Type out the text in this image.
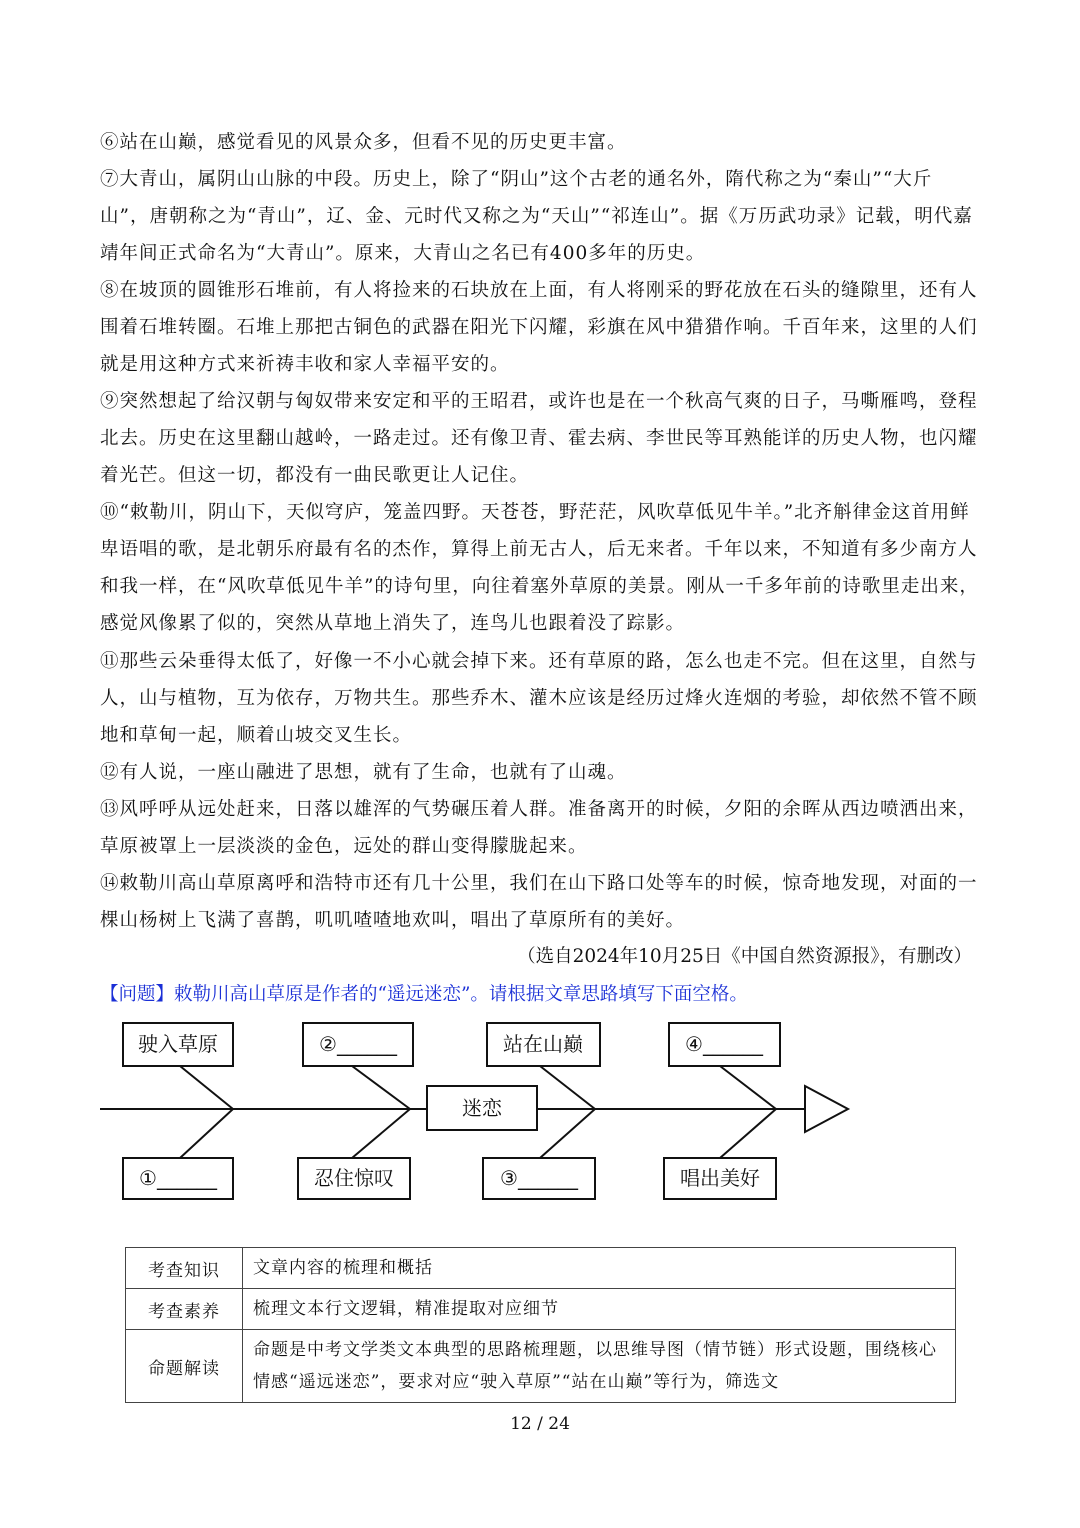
⑥站在山巅，感觉看见的风景众多，但看不见的历史更丰富。

⑦大青山，属阴山山脉的中段。历史上，除了“阴山”这个古老的通名外，隋代称之为“秦山”“大斤山”，唐朝称之为“青山”，辽、金、元时代又称之为“天山”“祁连山”。据《万历武功录》记载，明代嘉靖年间正式命名为“大青山”。原来，大青山之名已有400多年的历史。

⑧在坡顶的圆锥形石堆前，有人将捡来的石块放在上面，有人将刚采的野花放在石头的缝隙里，还有人围着石堆转圈。石堆上那把古铜色的武器在阳光下闪耀，彩旗在风中猎猎作响。千百年来，这里的人们就是用这种方式来祈祷丰收和家人幸福平安的。

⑨突然想起了给汉朝与匈奴带来安定和平的王昭君，或许也是在一个秋高气爽的日子，马嘶雁鸣，登程北去。历史在这里翻山越岭，一路走过。还有像卫青、霍去病、李世民等耳熟能详的历史人物，也闪耀着光芒。但这一切，都没有一曲民歌更让人记住。

⑩“敕勒川，阴山下，天似穹庐，笼盖四野。天苍苍，野茫茫，风吹草低见牛羊。”北齐斛律金这首用鲜卑语唱的歌，是北朝乐府最有名的杰作，算得上前无古人，后无来者。千年以来，不知道有多少南方人和我一样，在“风吹草低见牛羊”的诗句里，向往着塞外草原的美景。刚从一千多年前的诗歌里走出来，感觉风像累了似的，突然从草地上消失了，连鸟儿也跟着没了踪影。

⑪那些云朵垂得太低了，好像一不小心就会掉下来。还有草原的路，怎么也走不完。但在这里，自然与人，山与植物，互为依存，万物共生。那些乔木、灌木应该是经历过烽火连烟的考验，却依然不管不顾地和草甸一起，顺着山坡交叉生长。

⑫有人说，一座山融进了思想，就有了生命，也就有了山魂。

⑬风呼呼从远处赶来，日落以雄浑的气势碾压着人群。准备离开的时候，夕阳的余晖从西边喷洒出来，草原被罩上一层淡淡的金色，远处的群山变得朦胧起来。

⑭敕勒川高山草原离呼和浩特市还有几十公里，我们在山下路口处等车的时候，惊奇地发现，对面的一棵山杨树上飞满了喜鹊，叽叽喳喳地欢叫，唱出了草原所有的美好。

（选自2024年10月25日《中国自然资源报》，有删改）
【问题】敕勒川高山草原是作者的“遥远迷恋”。请根据文章思路填写下面空格。
驶入草原	②______	站在山巅	④______
迷恋
①______	忍住惊叹	③______	唱出美好
考查知识	文章内容的梳理和概括
考查素养	梳理文本行文逻辑，精准提取对应细节
命题解读	命题是中考文学类文本典型的思路梳理题，以思维导图（情节链）形式设题，围绕核心情感“遥远迷恋”，要求对应“驶入草原”“站在山巅”等行为，筛选文
12 / 24
